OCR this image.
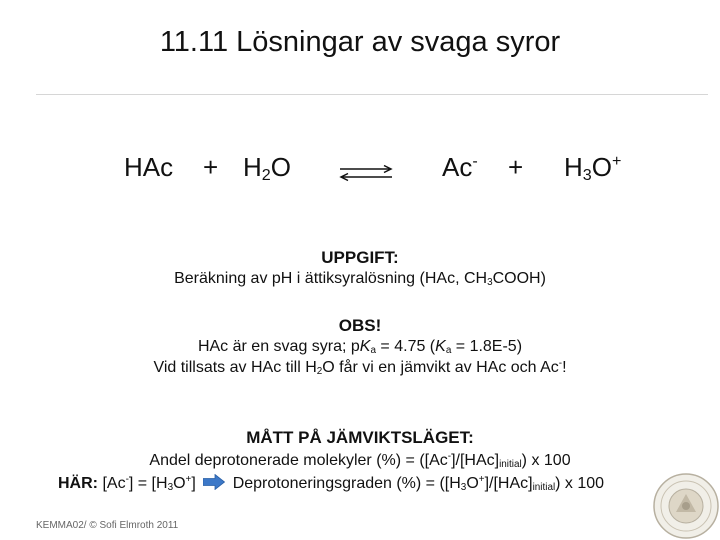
11.11 Lösningar av svaga syror
HAc + $H_2O$	$Ac^- + H_3O^+$
UPPGIFT:
Beräkning av pH i ättiksyralösning (HAc, $CH_3COOH$)
OBS!
HAc är en svag syra; $pK_a = 4.75$ $(K_a = 1.8E-5)$
Vid tillsats av HAc till $H_2O$ får vi en jämvikt av HAc och Ac-!
MÅTT PÅ JÄMVIKTSLÄGET:
Andel deprotonerade molekyler (%) = $([Ac^-]/[HAc]_{initial})$ x 100
HÄR: $[Ac^-] = [H_3O^+]$ Deprotoneringsgraden (%) = $([H_3O^+]/[HAc]_{initial})$ x 100
KEMMA02/ © Sofi Elmroth 2011
